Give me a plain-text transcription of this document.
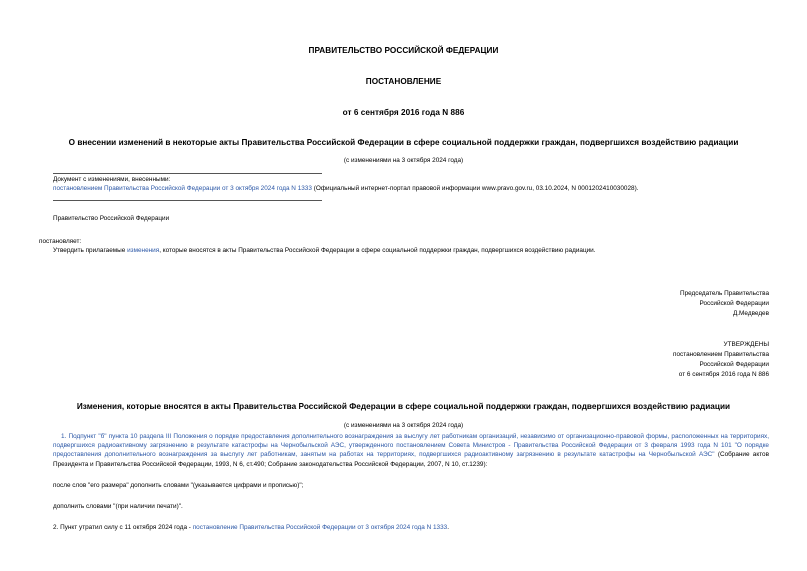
ПРАВИТЕЛЬСТВО РОССИЙСКОЙ ФЕДЕРАЦИИ
ПОСТАНОВЛЕНИЕ
от 6 сентября 2016 года N 886
О внесении изменений в некоторые акты Правительства Российской Федерации в сфере социальной поддержки граждан, подвергшихся воздействию радиации
(с изменениями на 3 октября 2024 года)
Документ с изменениями, внесенными:
постановлением Правительства Российской Федерации от 3 октября 2024 года N 1333 (Официальный интернет-портал правовой информации www.pravo.gov.ru, 03.10.2024, N 0001202410030028).
Правительство Российской Федерации
постановляет:
Утвердить прилагаемые изменения, которые вносятся в акты Правительства Российской Федерации в сфере социальной поддержки граждан, подвергшихся воздействию радиации.
Председатель Правительства
Российской Федерации
Д.Медведев
УТВЕРЖДЕНЫ
постановлением Правительства
Российской Федерации
от 6 сентября 2016 года N 886
Изменения, которые вносятся в акты Правительства Российской Федерации в сфере социальной поддержки граждан, подвергшихся воздействию радиации
(с изменениями на 3 октября 2024 года)
1. Подпункт "б" пункта 10 раздела III Положения о порядке предоставления дополнительного вознаграждения за выслугу лет работникам организаций, независимо от организационно-правовой формы, расположенных на территориях, подвергшихся радиоактивному загрязнению в результате катастрофы на Чернобыльской АЭС, утвержденного постановлением Совета Министров - Правительства Российской Федерации от 3 февраля 1993 года N 101 "О порядке предоставления дополнительного вознаграждения за выслугу лет работникам, занятым на работах на территориях, подвергшихся радиоактивному загрязнению в результате катастрофы на Чернобыльской АЭС" (Собрание актов Президента и Правительства Российской Федерации, 1993, N 6, ст.490; Собрание законодательства Российской Федерации, 2007, N 10, ст.1239):
после слов "его размера" дополнить словами "(указывается цифрами и прописью)";
дополнить словами "(при наличии печати)".
2. Пункт утратил силу с 11 октября 2024 года - постановление Правительства Российской Федерации от 3 октября 2024 года N 1333.
